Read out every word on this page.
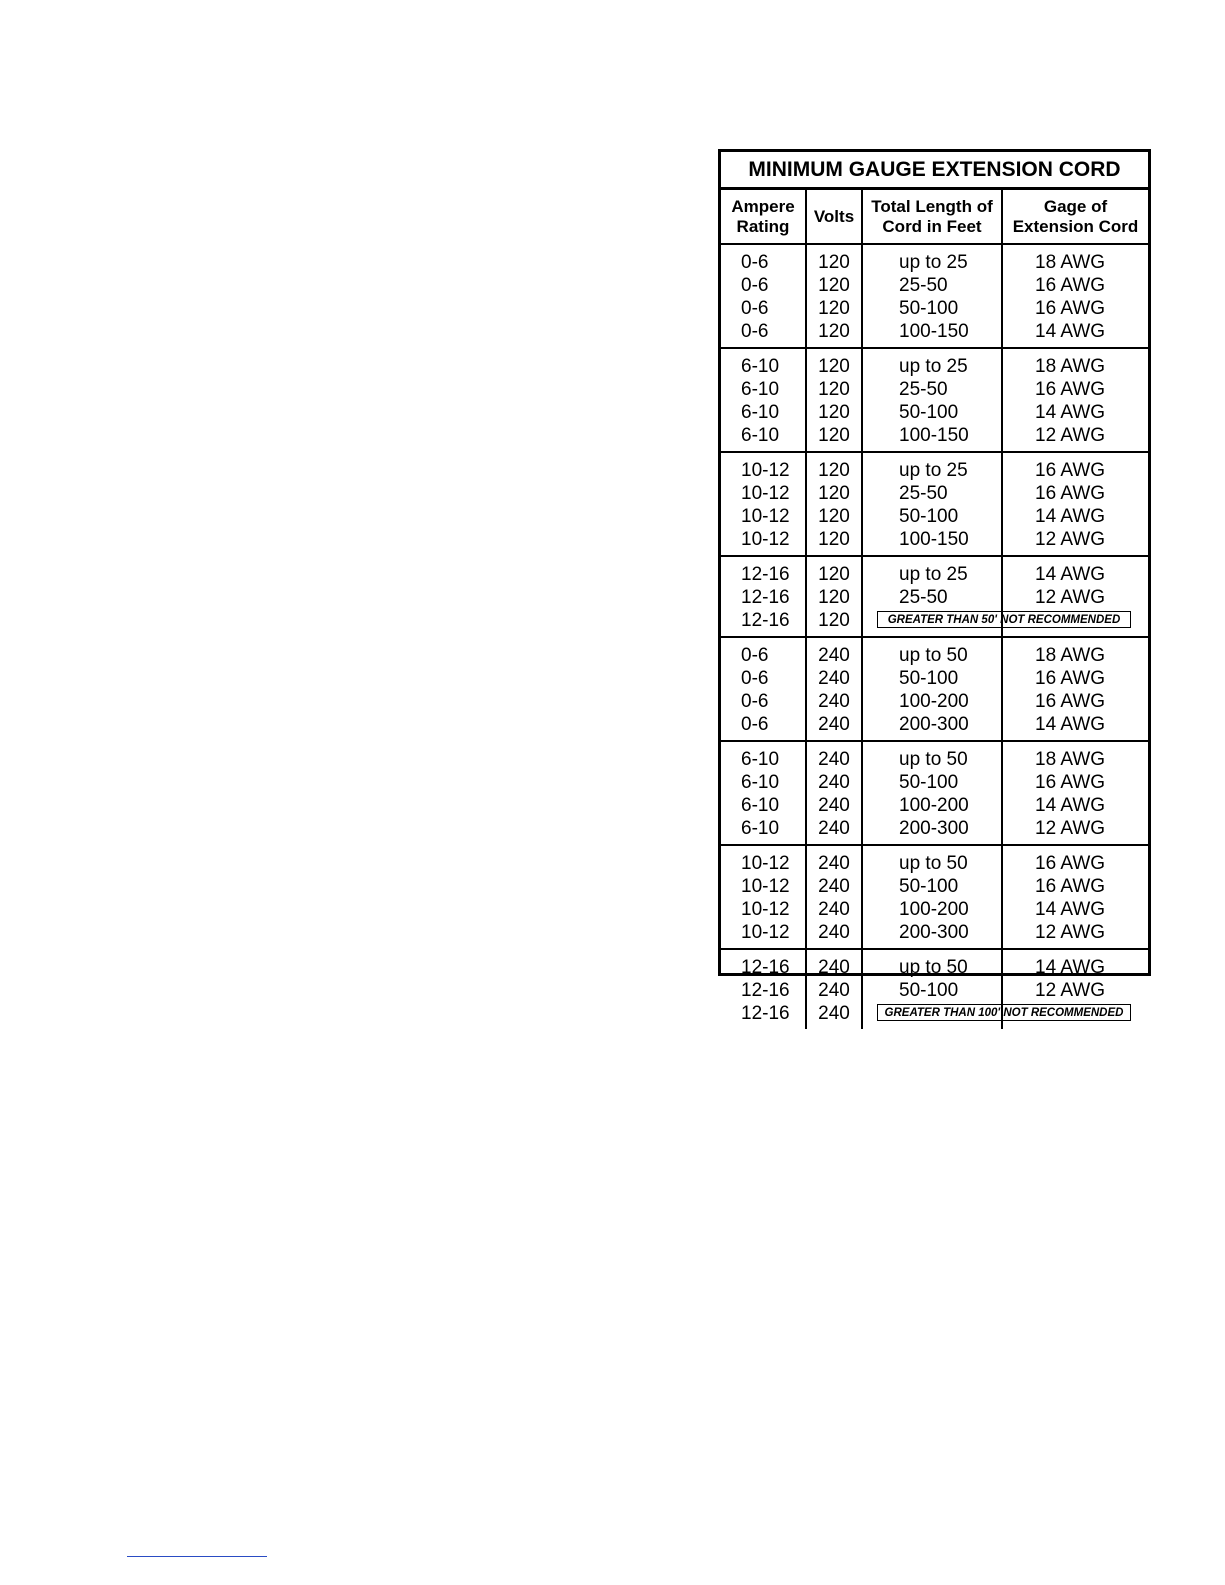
MINIMUM GAUGE EXTENSION CORD
Ampere
Rating
Volts
Total Length of
Cord in Feet
Gage of
Extension Cord
0-6
0-6
0-6
0-6
120
120
120
120
up to 25
25-50
50-100
100-150
18 AWG
16 AWG
16 AWG
14 AWG
6-10
6-10
6-10
6-10
120
120
120
120
up to 25
25-50
50-100
100-150
18 AWG
16 AWG
14 AWG
12 AWG
10-12
10-12
10-12
10-12
120
120
120
120
up to 25
25-50
50-100
100-150
16 AWG
16 AWG
14 AWG
12 AWG
12-16
12-16
12-16
120
120
120
up to 25
25-50
GREATER THAN 50' NOT RECOMMENDED
14 AWG
12 AWG
0-6
0-6
0-6
0-6
240
240
240
240
up to 50
50-100
100-200
200-300
18 AWG
16 AWG
16 AWG
14 AWG
6-10
6-10
6-10
6-10
240
240
240
240
up to 50
50-100
100-200
200-300
18 AWG
16 AWG
14 AWG
12 AWG
10-12
10-12
10-12
10-12
240
240
240
240
up to 50
50-100
100-200
200-300
16 AWG
16 AWG
14 AWG
12 AWG
12-16
12-16
12-16
240
240
240
up to 50
50-100
GREATER THAN 100' NOT RECOMMENDED
14 AWG
12 AWG
